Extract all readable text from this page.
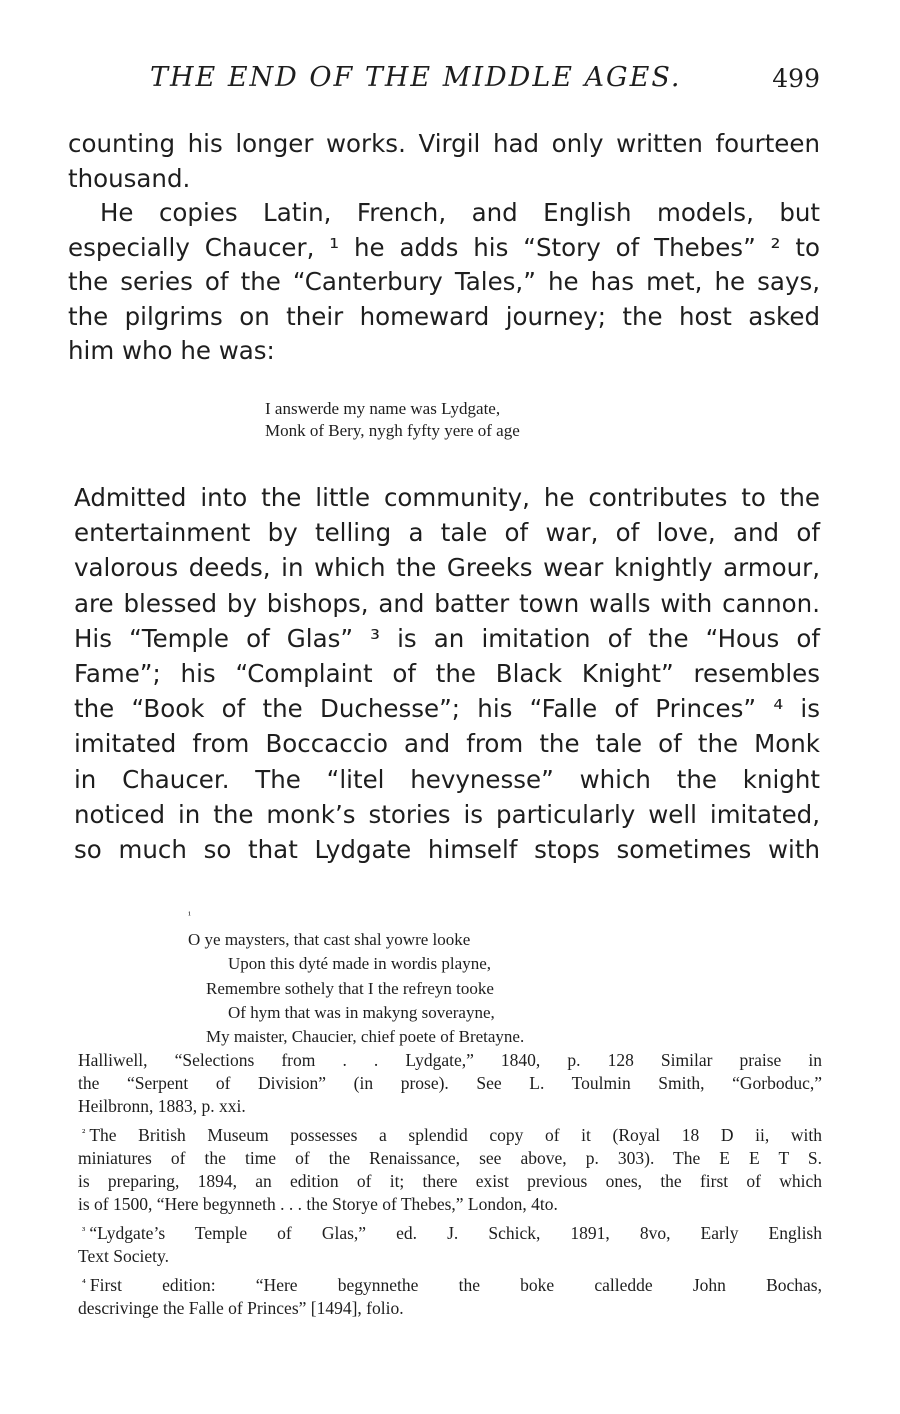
THE END OF THE MIDDLE AGES.	499
counting his longer works. Virgil had only written fourteen
thousand.
He copies Latin, French, and English models, but
especially Chaucer, ¹ he adds his “Story of Thebes” ² to
the series of the “Canterbury Tales,” he has met, he says,
the pilgrims on their homeward journey; the host asked
him who he was:
I answerde my name was Lydgate,
Monk of Bery, nygh fyfty yere of age
Admitted into the little community, he contributes to the
entertainment by telling a tale of war, of love, and of
valorous deeds, in which the Greeks wear knightly armour,
are blessed by bishops, and batter town walls with cannon.
His “Temple of Glas” ³ is an imitation of the “Hous of
Fame”; his “Complaint of the Black Knight” resembles
the “Book of the Duchesse”; his “Falle of Princes” ⁴ is
imitated from Boccaccio and from the tale of the Monk
in Chaucer. The “litel hevynesse” which the knight
noticed in the monk’s stories is particularly well imitated,
so much so that Lydgate himself stops sometimes with
¹
O ye maysters, that cast shal yowre looke
Upon this dyté made in wordis playne,
Remembre sothely that I the refreyn tooke
Of hym that was in makyng soverayne,
My maister, Chaucier, chief poete of Bretayne.
Halliwell, “Selections from . . Lydgate,” 1840, p. 128 Similar praise in
the “Serpent of Division” (in prose). See L. Toulmin Smith, “Gorboduc,”
Heilbronn, 1883, p. xxi.
$^{^2}$ The British Museum possesses a splendid copy of it (Royal 18 D ii, with
miniatures of the time of the Renaissance, see above, p. 303). The E E T S.
is preparing, 1894, an edition of it; there exist previous ones, the first of which
is of 1500, “Here begynneth . . . the Storye of Thebes,” London, 4to.
$^{^3}$ “Lydgate’s Temple of Glas,” ed. J. Schick, 1891, 8vo, Early English
Text Society.
$^{^4}$ First edition: “Here begynnethe the boke calledde John Bochas,
descrivinge the Falle of Princes” [1494], folio.
